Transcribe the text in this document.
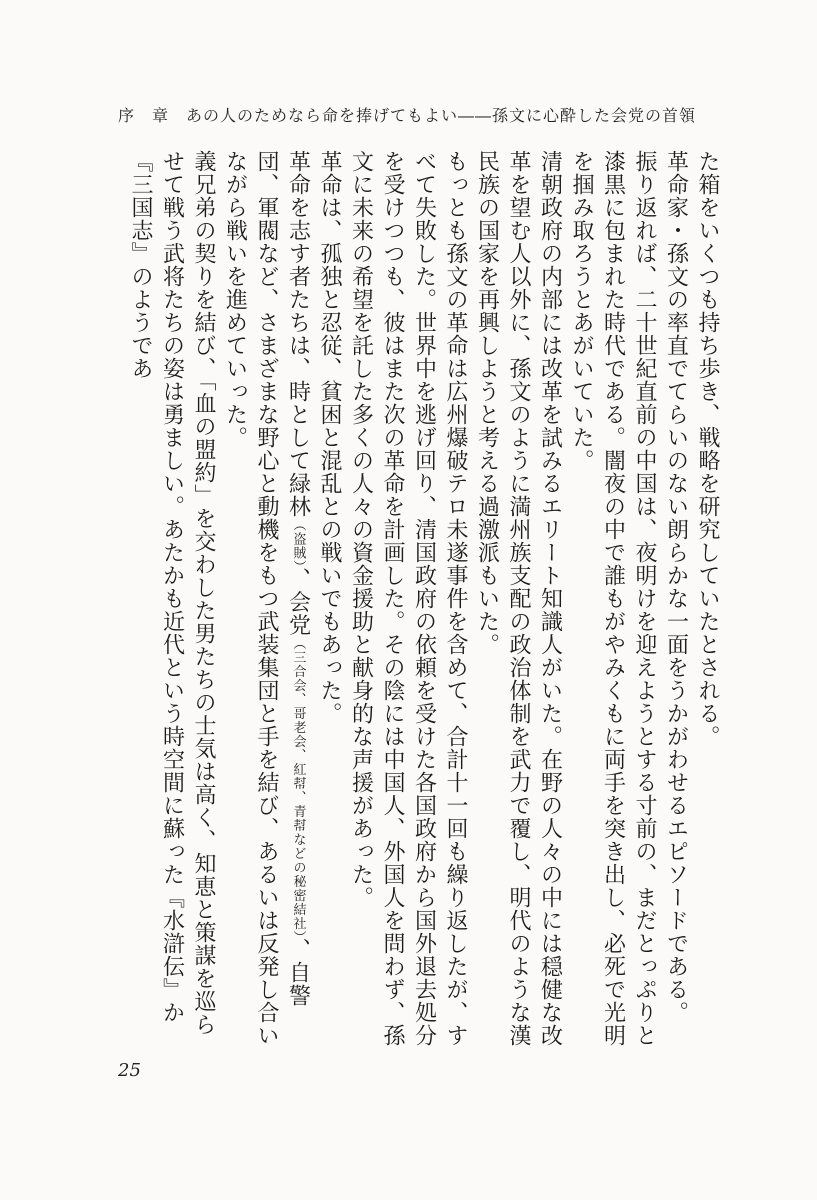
序　章　あの人のためなら命を捧げてもよい――孫文に心酔した会党の首領

た箱をいくつも持ち歩き、戦略を研究していたとされる。

革命家・孫文の率直でてらいのない朗らかな一面をうかがわせるエピソードである。

振り返れば、二十世紀直前の中国は、夜明けを迎えようとする寸前の、まだとっぷりと漆黒に包まれた時代である。闇夜の中で誰もがやみくもに両手を突き出し、必死で光明を掴み取ろうとあがいていた。

清朝政府の内部には改革を試みるエリート知識人がいた。在野の人々の中には穏健な改革を望む人以外に、孫文のように満州族支配の政治体制を武力で覆し、明代のような漢民族の国家を再興しようと考える過激派もいた。

もっとも孫文の革命は広州爆破テロ未遂事件を含めて、合計十一回も繰り返したが、すべて失敗した。世界中を逃げ回り、清国政府の依頼を受けた各国政府から国外退去処分を受けつつも、彼はまた次の革命を計画した。その陰には中国人、外国人を問わず、孫文に未来の希望を託した多くの人々の資金援助と献身的な声援があった。

革命は、孤独と忍従、貧困と混乱との戦いでもあった。

革命を志す者たちは、時として緑林（盗賊）、会党（三合会、哥老会、紅幇、青幇などの秘密結社）、自警団、軍閥など、さまざまな野心と動機をもつ武装集団と手を結び、あるいは反発し合いながら戦いを進めていった。

義兄弟の契りを結び、「血の盟約」を交わした男たちの士気は高く、知恵と策謀を巡らせて戦う武将たちの姿は勇ましい。あたかも近代という時空間に蘇った『水滸伝』か『三国志』のようであ

25
